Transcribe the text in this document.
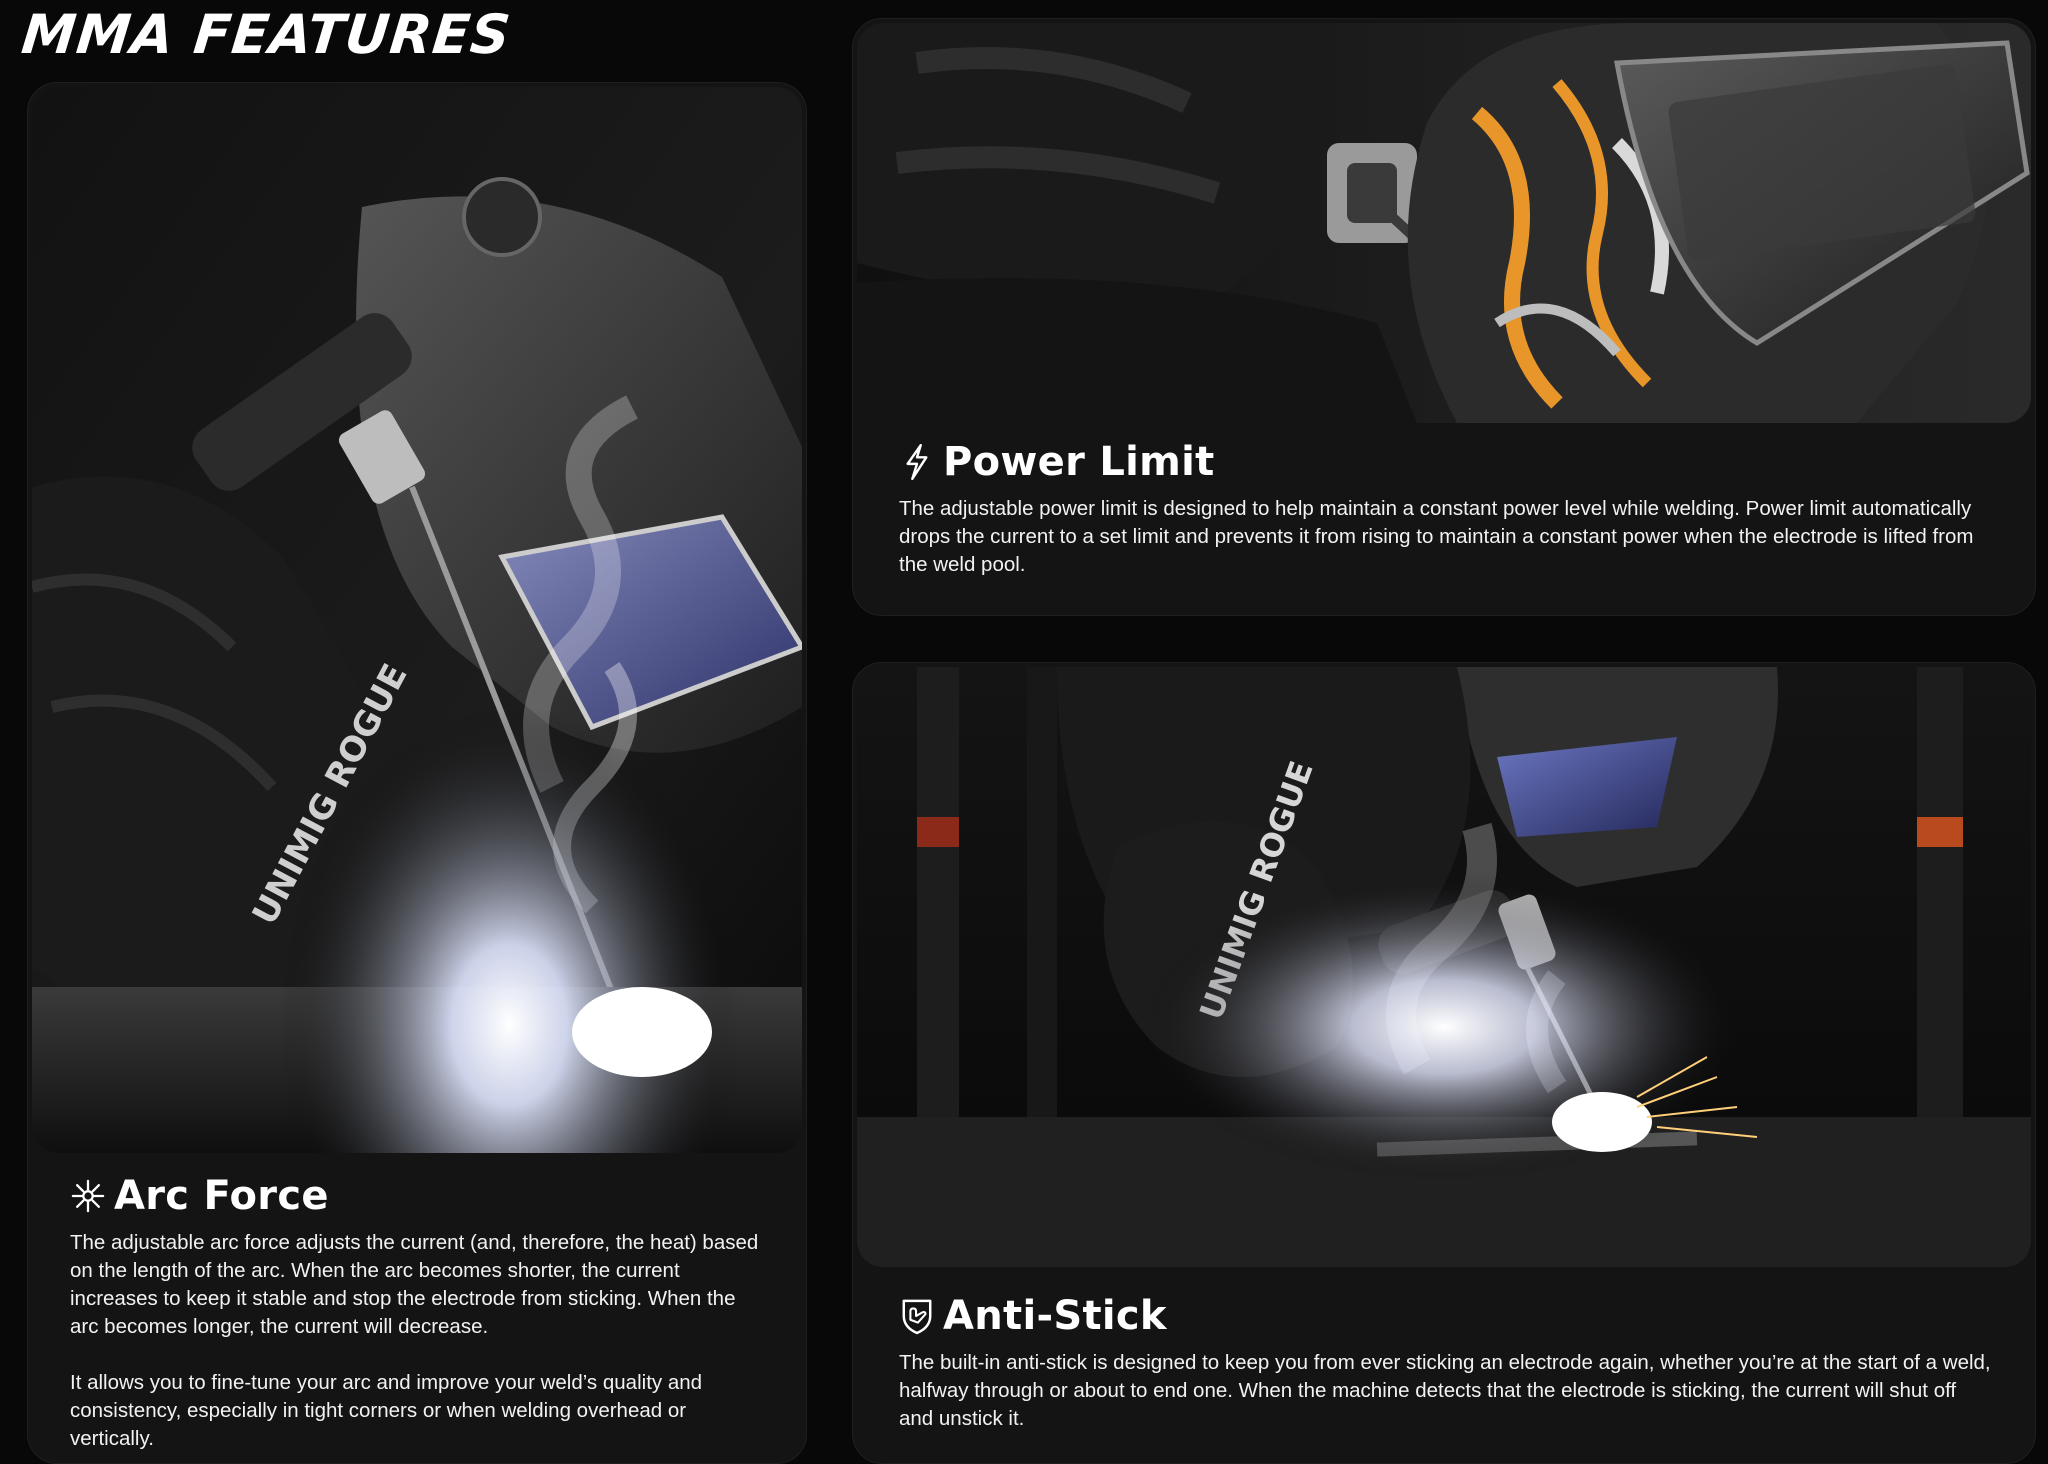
MMA FEATURES
Arc Force

The adjustable arc force adjusts the current (and, therefore, the heat) based on the length of the arc. When the arc becomes shorter, the current increases to keep it stable and stop the electrode from sticking. When the arc becomes longer, the current will decrease.

It allows you to fine-tune your arc and improve your weld’s quality and consistency, especially in tight corners or when welding overhead or vertically.

Power Limit

The adjustable power limit is designed to help maintain a constant power level while welding. Power limit automatically drops the current to a set limit and prevents it from rising to maintain a constant power when the electrode is lifted from the weld pool.

Anti-Stick

The built-in anti-stick is designed to keep you from ever sticking an electrode again, whether you’re at the start of a weld, halfway through or about to end one. When the machine detects that the electrode is sticking, the current will shut off and unstick it.
